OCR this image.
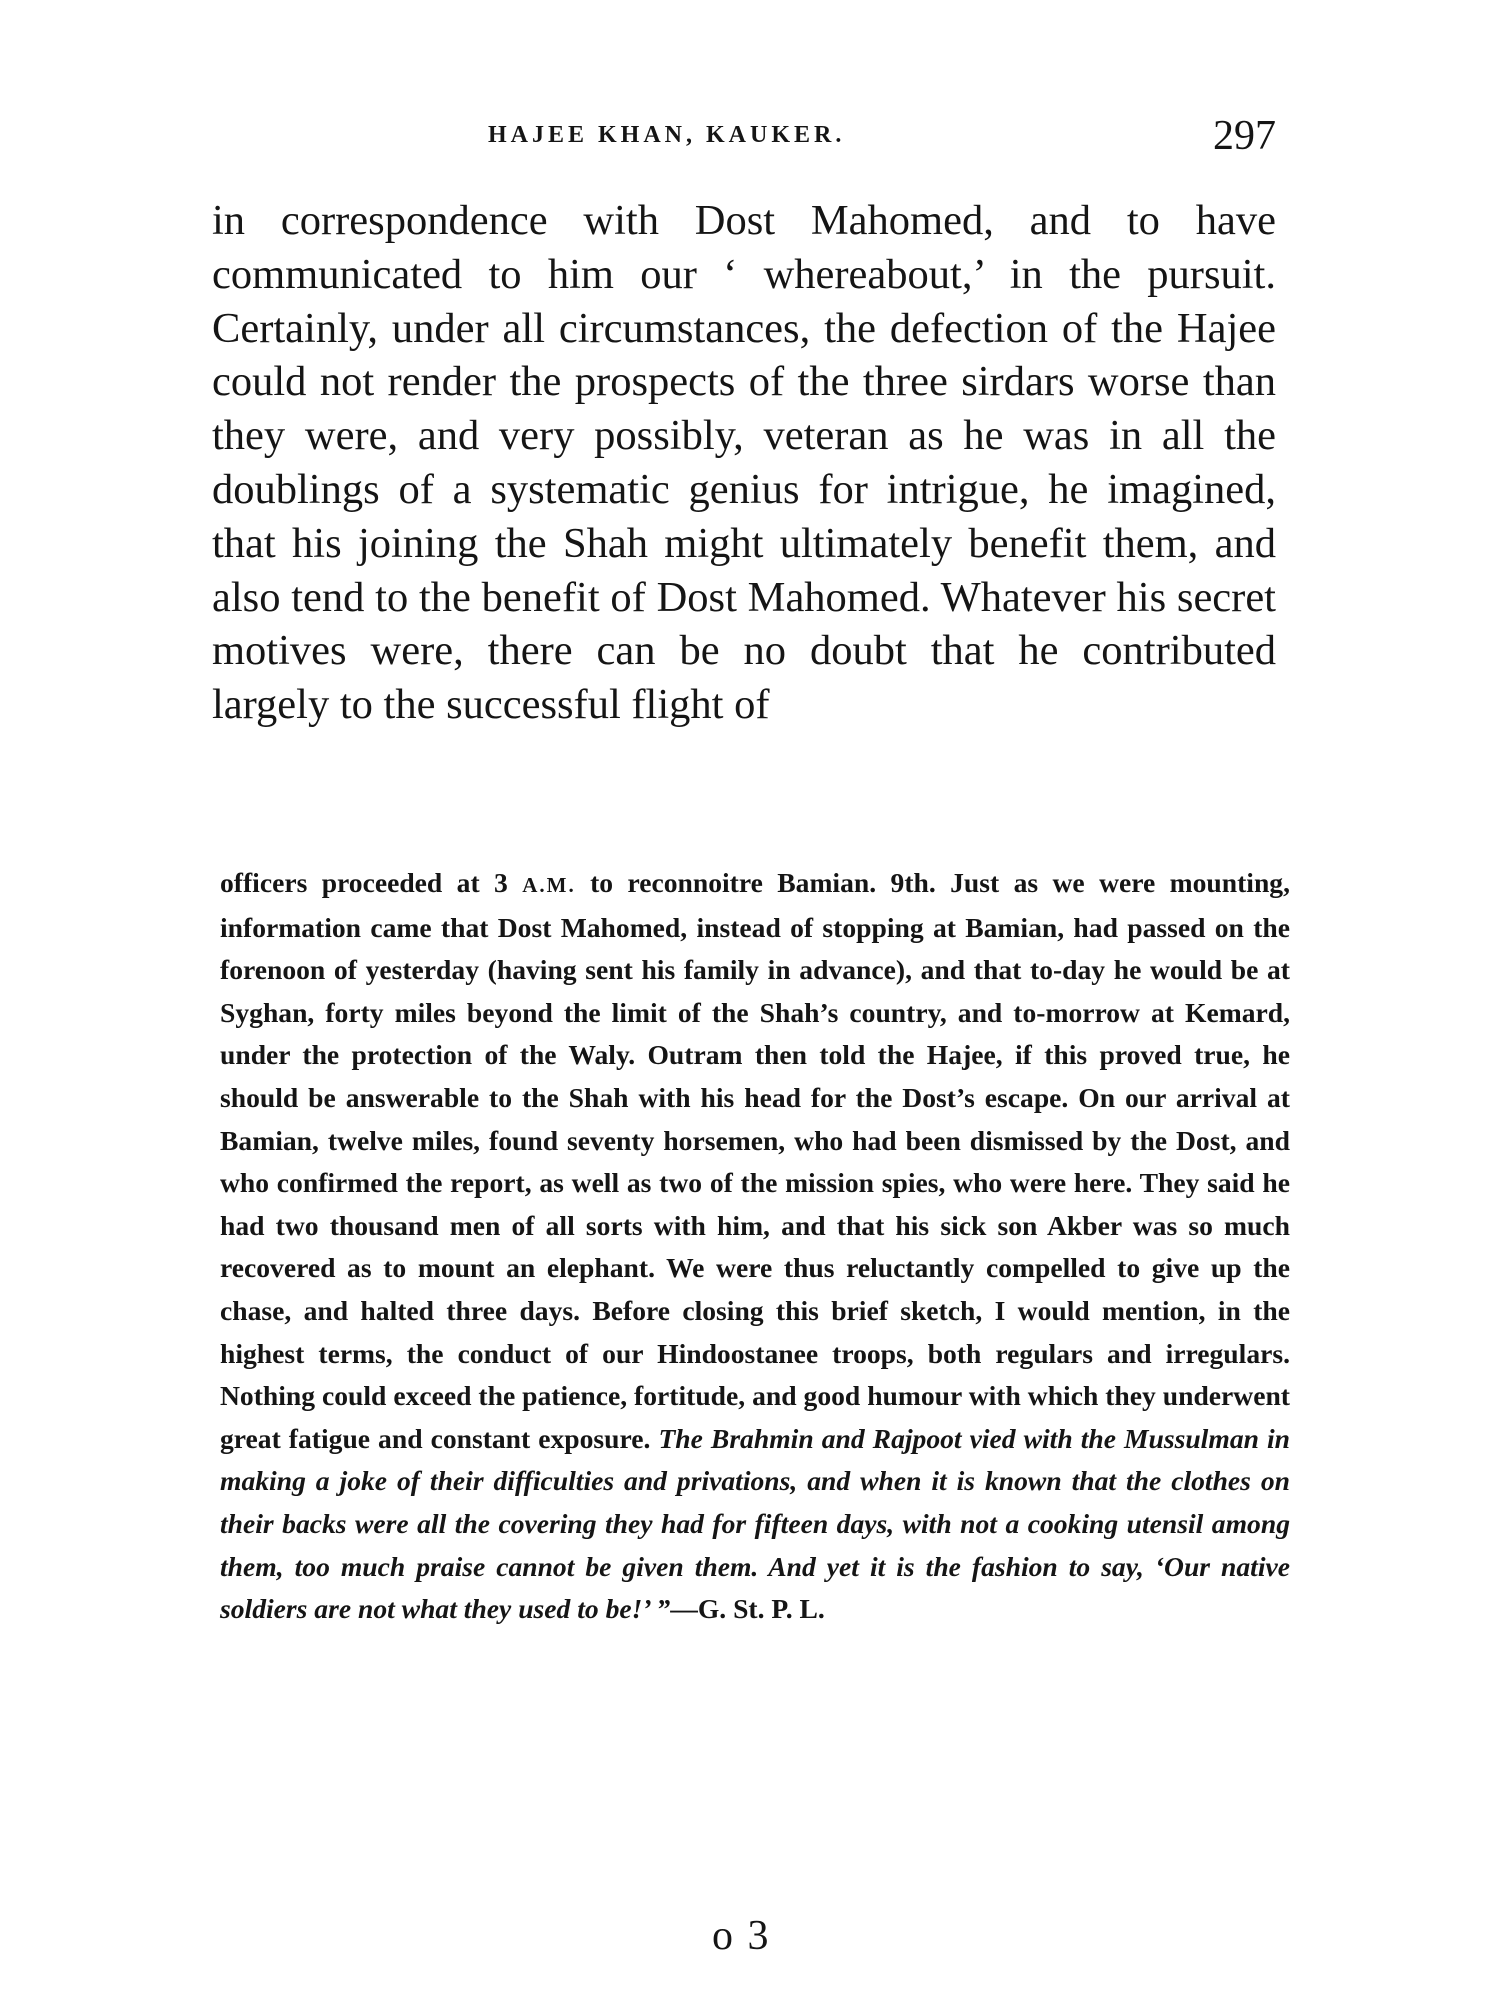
HAJEE KHAN, KAUKER.	297

in correspondence with Dost Mahomed, and to have communicated to him our ‘ whereabout,’ in the pursuit. Certainly, under all circumstances, the defection of the Hajee could not render the prospects of the three sirdars worse than they were, and very possibly, veteran as he was in all the doublings of a systematic genius for intrigue, he imagined, that his joining the Shah might ultimately benefit them, and also tend to the benefit of Dost Mahomed. Whatever his secret motives were, there can be no doubt that he contributed largely to the successful flight of

officers proceeded at 3 A.M. to reconnoitre Bamian. 9th. Just as we were mounting, information came that Dost Mahomed, instead of stopping at Bamian, had passed on the forenoon of yesterday (having sent his family in advance), and that to-day he would be at Syghan, forty miles beyond the limit of the Shah’s country, and to-morrow at Kemard, under the protection of the Waly. Outram then told the Hajee, if this proved true, he should be answerable to the Shah with his head for the Dost’s escape. On our arrival at Bamian, twelve miles, found seventy horsemen, who had been dismissed by the Dost, and who confirmed the report, as well as two of the mission spies, who were here. They said he had two thousand men of all sorts with him, and that his sick son Akber was so much recovered as to mount an elephant. We were thus reluctantly compelled to give up the chase, and halted three days. Before closing this brief sketch, I would mention, in the highest terms, the conduct of our Hindoostanee troops, both regulars and irregulars. Nothing could exceed the patience, fortitude, and good humour with which they underwent great fatigue and constant exposure. The Brahmin and Rajpoot vied with the Mussulman in making a joke of their difficulties and privations, and when it is known that the clothes on their backs were all the covering they had for fifteen days, with not a cooking utensil among them, too much praise cannot be given them. And yet it is the fashion to say, ‘Our native soldiers are not what they used to be!’ ”—G. St. P. L.

o 3
